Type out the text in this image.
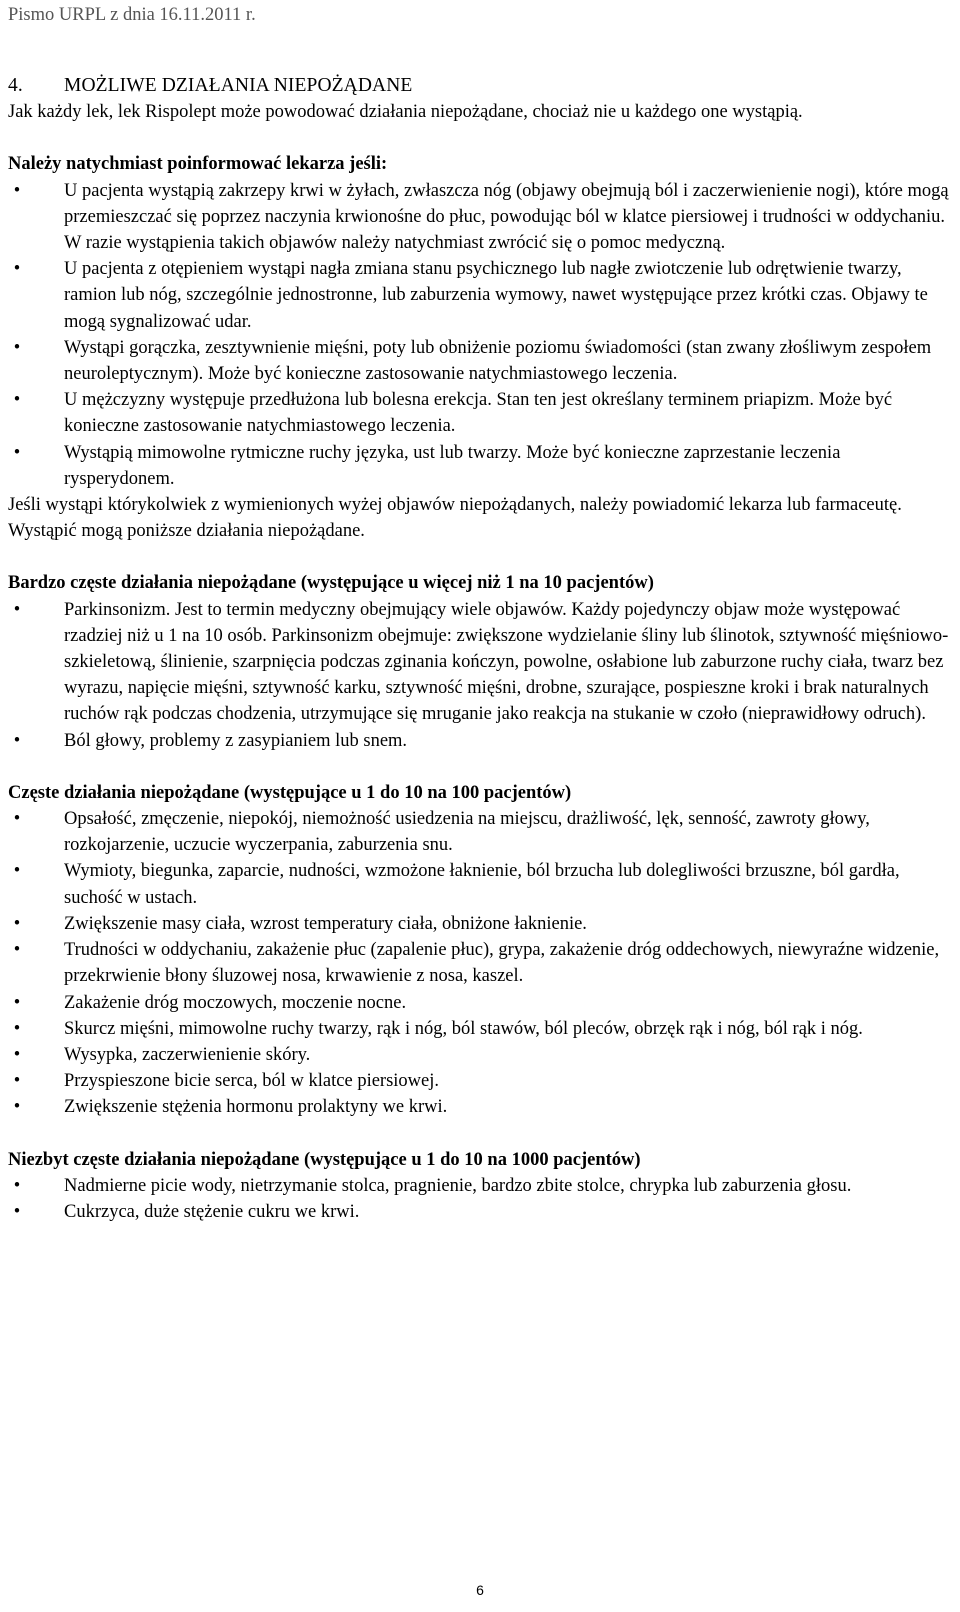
Pismo URPL z dnia 16.11.2011 r.
4. MOŻLIWE DZIAŁANIA NIEPOŻĄDANE

Jak każdy lek, lek Rispolept może powodować działania niepożądane, chociaż nie u każdego one wystąpią.

Należy natychmiast poinformować lekarza jeśli:

•	U pacjenta wystąpią zakrzepy krwi w żyłach, zwłaszcza nóg (objawy obejmują ból i zaczerwienienie nogi), które mogą przemieszczać się poprzez naczynia krwionośne do płuc, powodując ból w klatce piersiowej i trudności w oddychaniu. W razie wystąpienia takich objawów należy natychmiast zwrócić się o pomoc medyczną.
•	U pacjenta z otępieniem wystąpi nagła zmiana stanu psychicznego lub nagłe zwiotczenie lub odrętwienie twarzy, ramion lub nóg, szczególnie jednostronne, lub zaburzenia wymowy, nawet występujące przez krótki czas. Objawy te mogą sygnalizować udar.
•	Wystąpi gorączka, zesztywnienie mięśni, poty lub obniżenie poziomu świadomości (stan zwany złośliwym zespołem neuroleptycznym). Może być konieczne zastosowanie natychmiastowego leczenia.
•	U mężczyzny występuje przedłużona lub bolesna erekcja. Stan ten jest określany terminem priapizm. Może być konieczne zastosowanie natychmiastowego leczenia.
•	Wystąpią mimowolne rytmiczne ruchy języka, ust lub twarzy. Może być konieczne zaprzestanie leczenia rysperydonem.

Jeśli wystąpi którykolwiek z wymienionych wyżej objawów niepożądanych, należy powiadomić lekarza lub farmaceutę.

Wystąpić mogą poniższe działania niepożądane.

Bardzo częste działania niepożądane (występujące u więcej niż 1 na 10 pacjentów)

•	Parkinsonizm. Jest to termin medyczny obejmujący wiele objawów. Każdy pojedynczy objaw może występować rzadziej niż u 1 na 10 osób. Parkinsonizm obejmuje: zwiększone wydzielanie śliny lub ślinotok, sztywność mięśniowo-szkieletową, ślinienie, szarpnięcia podczas zginania kończyn, powolne, osłabione lub zaburzone ruchy ciała, twarz bez wyrazu, napięcie mięśni, sztywność karku, sztywność mięśni, drobne, szurające, pospieszne kroki i brak naturalnych ruchów rąk podczas chodzenia, utrzymujące się mruganie jako reakcja na stukanie w czoło (nieprawidłowy odruch).
•	Ból głowy, problemy z zasypianiem lub snem.

Częste działania niepożądane (występujące u 1 do 10 na 100 pacjentów)

•	Opsałość, zmęczenie, niepokój, niemożność usiedzenia na miejscu, drażliwość, lęk, senność, zawroty głowy, rozkojarzenie, uczucie wyczerpania, zaburzenia snu.
•	Wymioty, biegunka, zaparcie, nudności, wzmożone łaknienie, ból brzucha lub dolegliwości brzuszne, ból gardła, suchość w ustach.
•	Zwiększenie masy ciała, wzrost temperatury ciała, obniżone łaknienie.
•	Trudności w oddychaniu, zakażenie płuc (zapalenie płuc), grypa, zakażenie dróg oddechowych, niewyraźne widzenie, przekrwienie błony śluzowej nosa, krwawienie z nosa, kaszel.
•	Zakażenie dróg moczowych, moczenie nocne.
•	Skurcz mięśni, mimowolne ruchy twarzy, rąk i nóg, ból stawów, ból pleców, obrzęk rąk i nóg, ból rąk i nóg.
•	Wysypka, zaczerwienienie skóry.
•	Przyspieszone bicie serca, ból w klatce piersiowej.
•	Zwiększenie stężenia hormonu prolaktyny we krwi.

Niezbyt częste działania niepożądane (występujące u 1 do 10 na 1000 pacjentów)

•	Nadmierne picie wody, nietrzymanie stolca, pragnienie, bardzo zbite stolce, chrypka lub zaburzenia głosu.
•	Cukrzyca, duże stężenie cukru we krwi.
6
